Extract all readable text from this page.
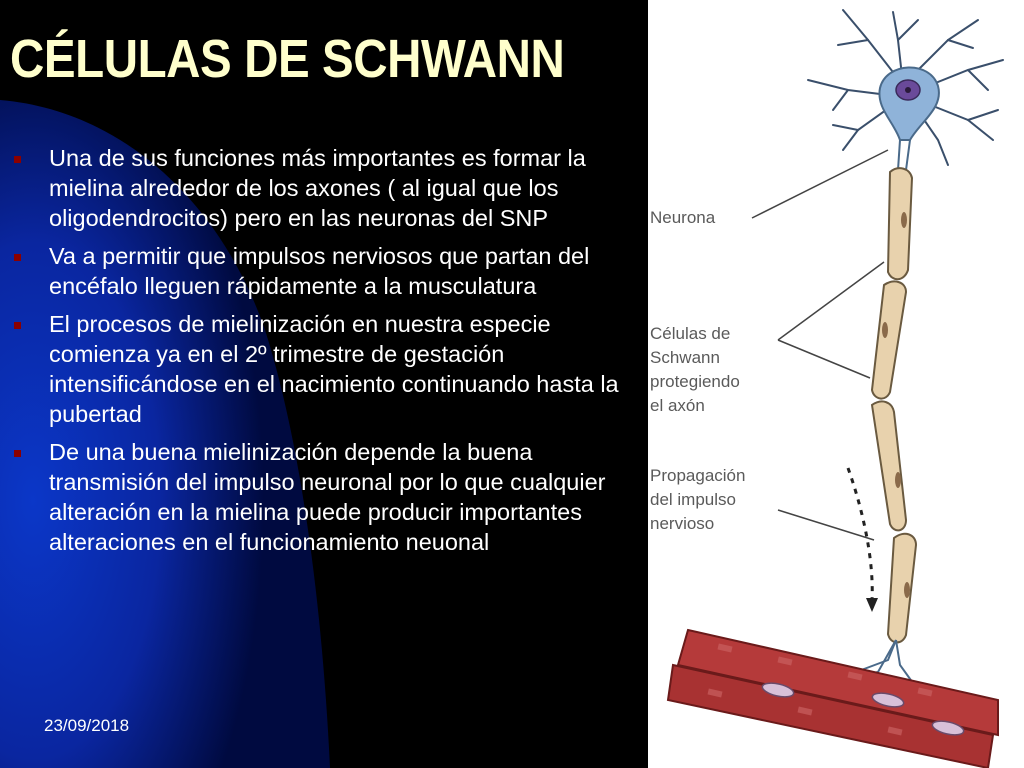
CÉLULAS DE SCHWANN
Una de sus funciones más importantes es formar la mielina alrededor de los axones ( al igual que los oligodendrocitos) pero en las neuronas del SNP
Va a permitir que impulsos nerviosos que partan del encéfalo lleguen rápidamente a la musculatura
El procesos de mielinización en nuestra especie comienza ya en el 2º trimestre de gestación intensificándose en el nacimiento continuando hasta la pubertad
De una buena mielinización depende la buena transmisión del impulso neuronal por lo que cualquier alteración en la mielina puede producir importantes alteraciones en el funcionamiento neuonal
23/09/2018
Neurona
Células de
Schwann
protegiendo
el axón
Propagación
del impulso
nervioso
